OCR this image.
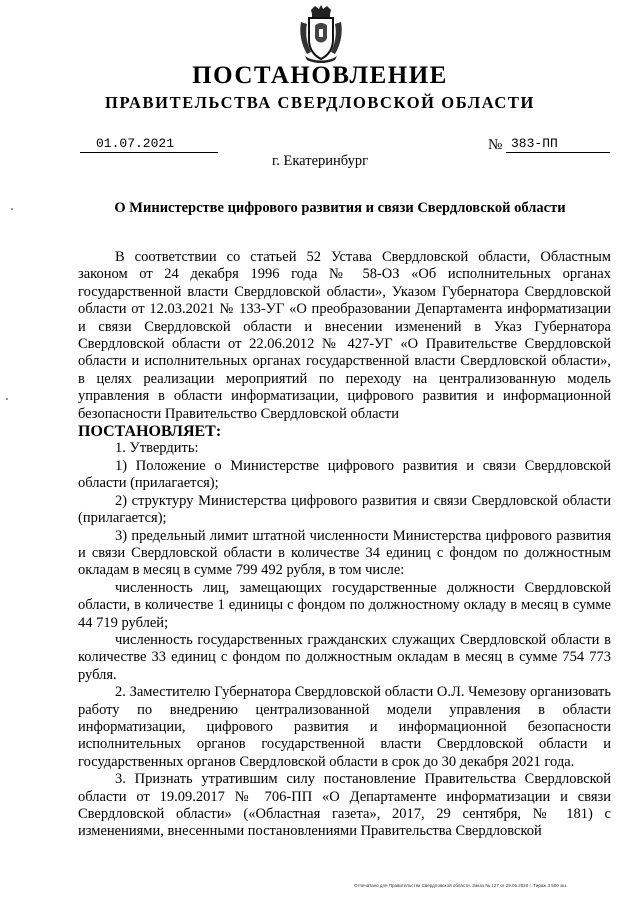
ПОСТАНОВЛЕНИЕ
ПРАВИТЕЛЬСТВА СВЕРДЛОВСКОЙ ОБЛАСТИ
01.07.2021	№ 383-ПП
г. Екатеринбург
О Министерстве цифрового развития и связи Свердловской области

В соответствии со статьей 52 Устава Свердловской области, Областным законом от 24 декабря 1996 года № 58-ОЗ «Об исполнительных органах государственной власти Свердловской области», Указом Губернатора Свердловской области от 12.03.2021 № 133-УГ «О преобразовании Департамента информатизации и связи Свердловской области и внесении изменений в Указ Губернатора Свердловской области от 22.06.2012 № 427-УГ «О Правительстве Свердловской области и исполнительных органах государственной власти Свердловской области», в целях реализации мероприятий по переходу на централизованную модель управления в области информатизации, цифрового развития и информационной безопасности Правительство Свердловской области

ПОСТАНОВЛЯЕТ:

1. Утвердить:

1) Положение о Министерстве цифрового развития и связи Свердловской области (прилагается);

2) структуру Министерства цифрового развития и связи Свердловской области (прилагается);

3) предельный лимит штатной численности Министерства цифрового развития и связи Свердловской области в количестве 34 единиц с фондом по должностным окладам в месяц в сумме 799 492 рубля, в том числе:

численность лиц, замещающих государственные должности Свердловской области, в количестве 1 единицы с фондом по должностному окладу в месяц в сумме 44 719 рублей;

численность государственных гражданских служащих Свердловской области в количестве 33 единиц с фондом по должностным окладам в месяц в сумме 754 773 рубля.

2. Заместителю Губернатора Свердловской области О.Л. Чемезову организовать работу по внедрению централизованной модели управления в области информатизации, цифрового развития и информационной безопасности исполнительных органов государственной власти Свердловской области и государственных органов Свердловской области в срок до 30 декабря 2021 года.

3. Признать утратившим силу постановление Правительства Свердловской области от 19.09.2017 № 706-ПП «О Департаменте информатизации и связи Свердловской области» («Областная газета», 2017, 29 сентября, № 181) с изменениями, внесенными постановлениями Правительства Свердловской

Отпечатано для Правительства Свердловской области. Заказ № 127 от 29.05.2020 г. Тираж 3 500 экз.
